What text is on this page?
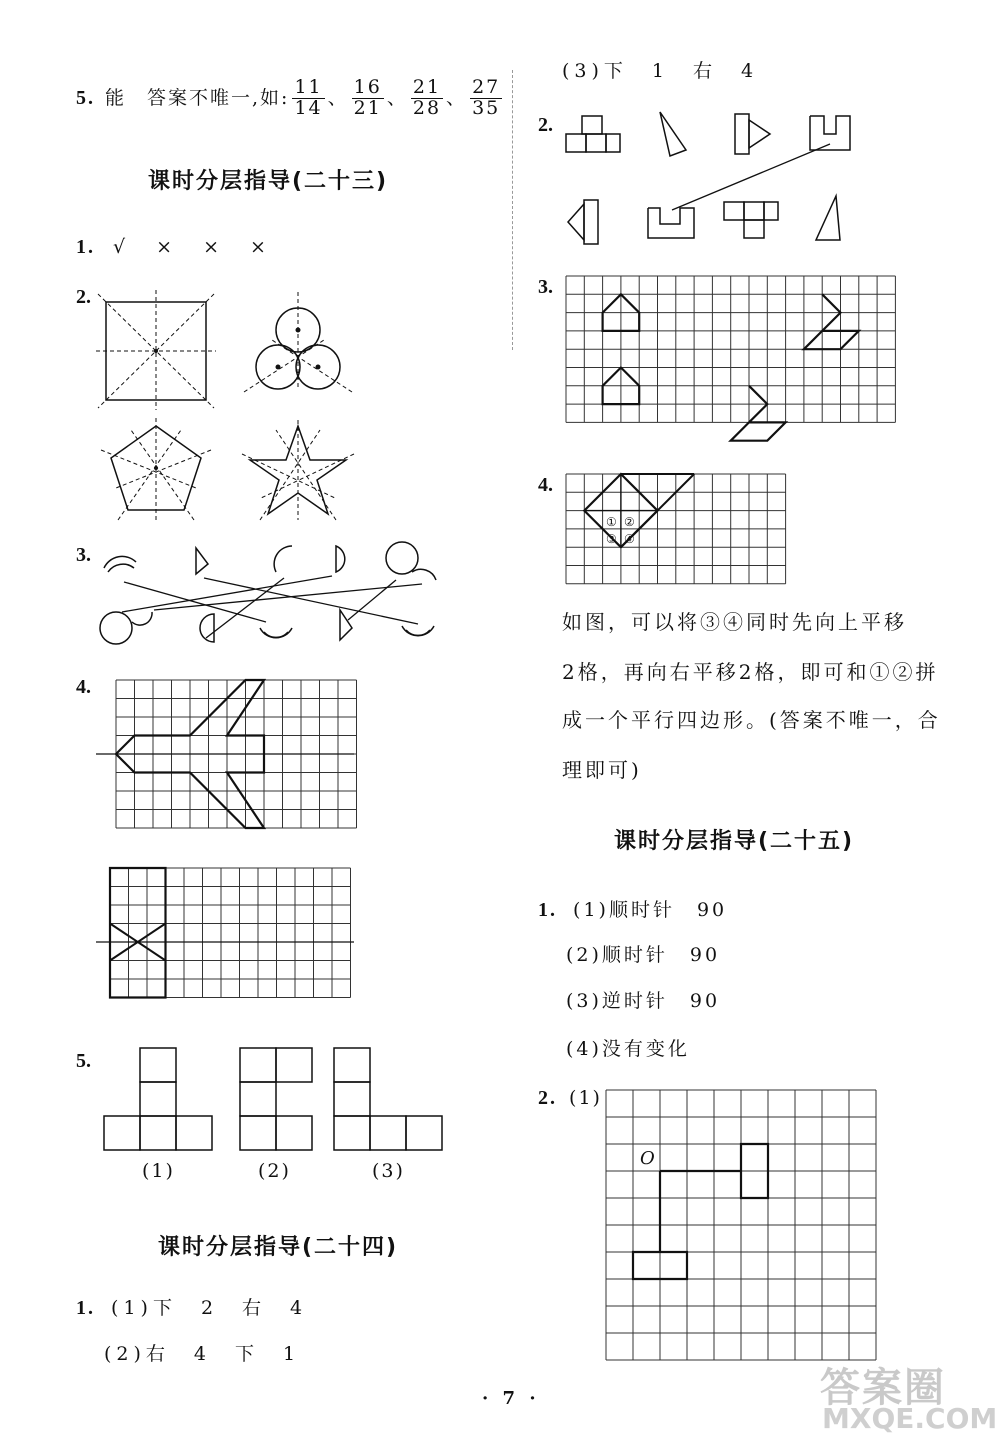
5. 能　答案不唯一,如: $\frac{11}{14}$ 、 $\frac{16}{21}$ 、 $\frac{21}{28}$ 、 $\frac{27}{35}$
课时分层指导(二十三)
1. √　×　×　×
2.
3.
4.
5.
(1)	(2)	(3)
课时分层指导(二十四)
1. (1)下　2　右　4
(2)右　4　下　1
(3)下　1　右　4
2.
3.
4.
① ②
③ ④
如图，可以将③④同时先向上平移
2格，再向右平移2格，即可和①②拼
成一个平行四边形。(答案不唯一，合
理即可)
课时分层指导(二十五)
1. (1)顺时针　90
(2)顺时针　90
(3)逆时针　90
(4)没有变化
2. (1)
O
· 7 ·	答案圈
MXQE.COM
